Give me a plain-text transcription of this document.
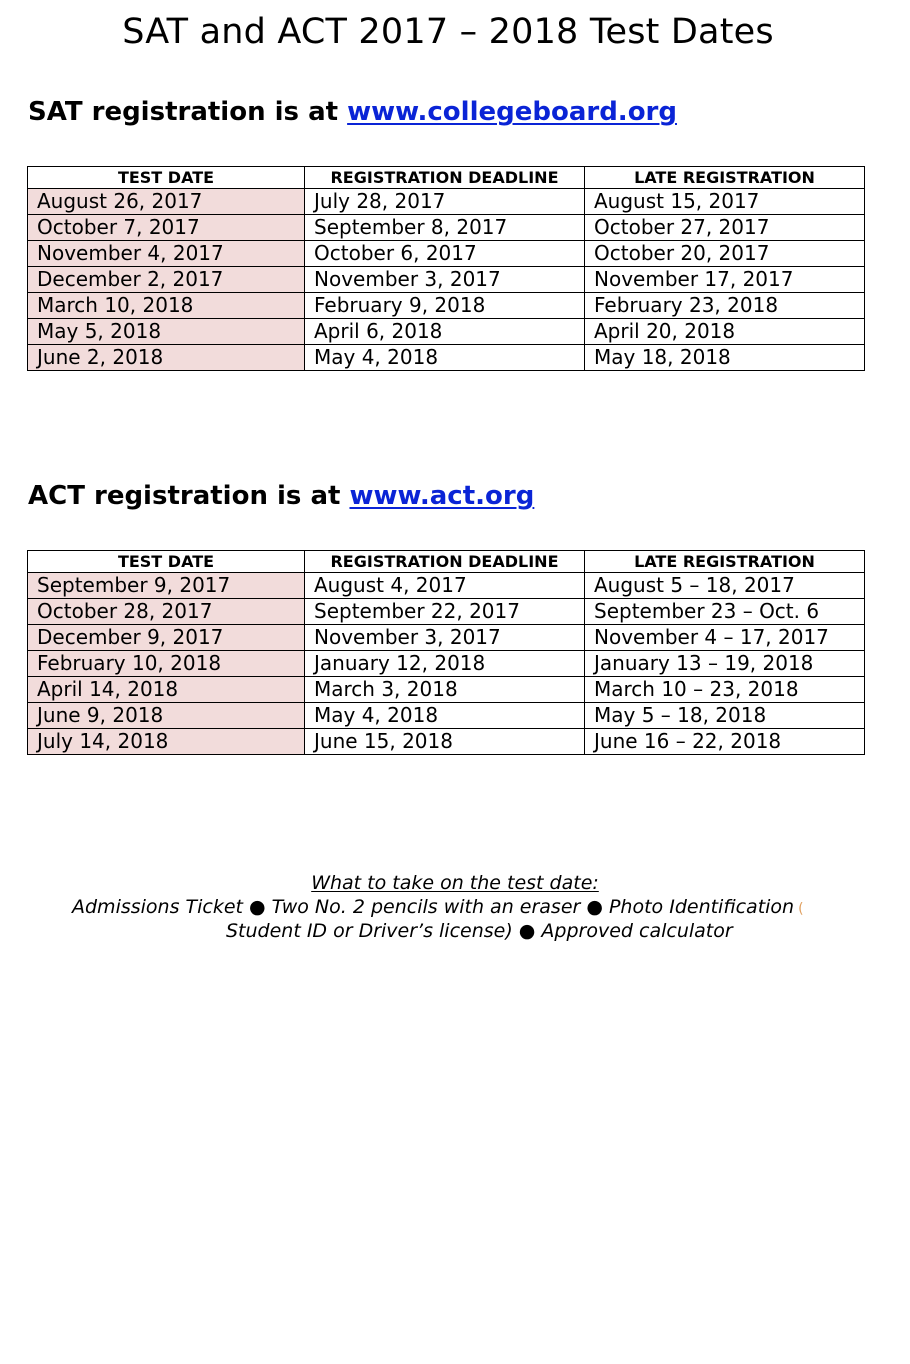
SAT and ACT 2017 – 2018 Test Dates
SAT registration is at www.collegeboard.org
TEST DATE	REGISTRATION DEADLINE	LATE REGISTRATION
August 26, 2017	July 28, 2017	August 15, 2017
October 7, 2017	September 8, 2017	October 27, 2017
November 4, 2017	October 6, 2017	October 20, 2017
December 2, 2017	November 3, 2017	November 17, 2017
March 10, 2018	February 9, 2018	February 23, 2018
May 5, 2018	April 6, 2018	April 20, 2018
June 2, 2018	May 4, 2018	May 18, 2018
ACT registration is at www.act.org
TEST DATE	REGISTRATION DEADLINE	LATE REGISTRATION
September 9, 2017	August 4, 2017	August 5 – 18, 2017
October 28, 2017	September 22, 2017	September 23 – Oct. 6
December 9, 2017	November 3, 2017	November 4 – 17, 2017
February 10, 2018	January 12, 2018	January 13 – 19, 2018
April 14, 2018	March 3, 2018	March 10 – 23, 2018
June 9, 2018	May 4, 2018	May 5 – 18, 2018
July 14, 2018	June 15, 2018	June 16 – 22, 2018
What to take on the test date:
Admissions Ticket ● Two No. 2 pencils with an eraser ● Photo Identification (
Student ID or Driver’s license) ● Approved calculator
